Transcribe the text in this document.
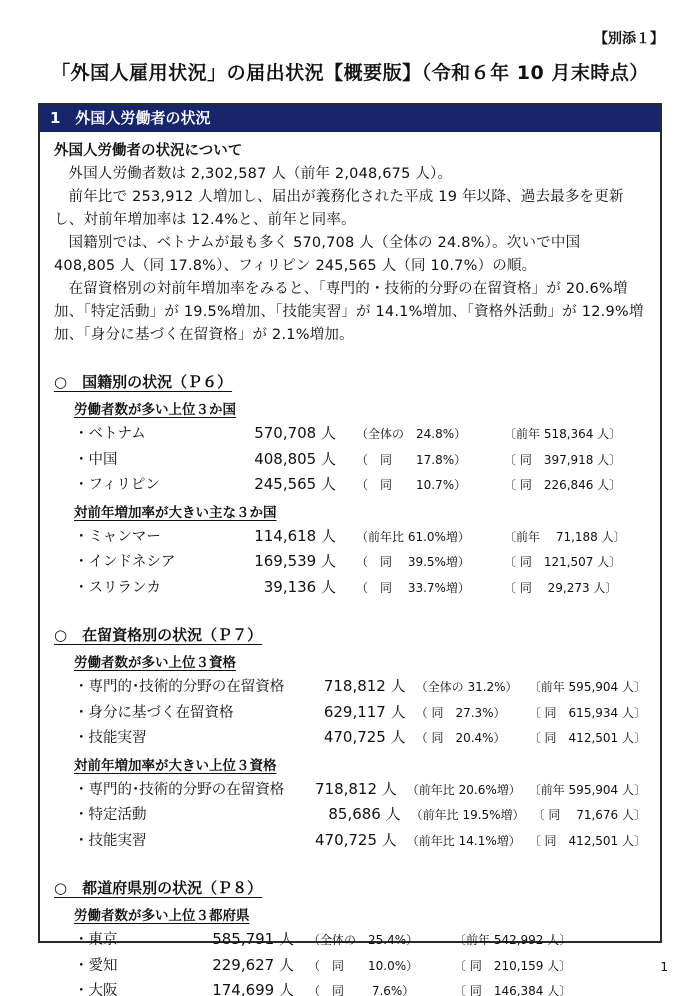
【別添１】
「外国人雇用状況」の届出状況【概要版】（令和６年 10 月末時点）
1　外国人労働者の状況
外国人労働者の状況について

外国人労働者数は 2,302,587 人（前年 2,048,675 人）。

前年比で 253,912 人増加し、届出が義務化された平成 19 年以降、過去最多を更新し、対前年増加率は 12.4%と、前年と同率。

国籍別では、ベトナムが最も多く 570,708 人（全体の 24.8%）。次いで中国 408,805 人（同 17.8%）、フィリピン 245,565 人（同 10.7%）の順。

在留資格別の対前年増加率をみると、「専門的・技術的分野の在留資格」が 20.6%増加、「特定活動」が 19.5%増加、「技能実習」が 14.1%増加、「資格外活動」が 12.9%増加、「身分に基づく在留資格」が 2.1%増加。

○　国籍別の状況（Ｐ６）
労働者数が多い上位３か国
・ベトナム	570,708 人 （全体の　24.8%）	〔前年 518,364 人〕
・中国	408,805 人 （　同　　17.8%）	〔 同　397,918 人〕
・フィリピン	245,565 人 （　同　　10.7%）	〔 同　226,846 人〕
対前年増加率が大きい主な３か国
・ミャンマー	114,618 人 （前年比 61.0%増）	〔前年　 71,188 人〕
・インドネシア	169,539 人 （　同　 39.5%増）	〔 同　121,507 人〕
・スリランカ	39,136 人 （　同　 33.7%増）	〔 同　 29,273 人〕
○　在留資格別の状況（Ｐ７）
労働者数が多い上位３資格
・専門的･技術的分野の在留資格	718,812 人 （全体の 31.2%） 〔前年 595,904 人〕
・身分に基づく在留資格	629,117 人 （ 同　27.3%）	〔 同　615,934 人〕
・技能実習	470,725 人 （ 同　20.4%）	〔 同　412,501 人〕
対前年増加率が大きい上位３資格
・専門的･技術的分野の在留資格	718,812 人 （前年比 20.6%増） 〔前年 595,904 人〕
・特定活動	85,686 人 （前年比 19.5%増） 〔 同　 71,676 人〕
・技能実習	470,725 人 （前年比 14.1%増） 〔 同　412,501 人〕
○　都道府県別の状況（Ｐ８）
労働者数が多い上位３都府県
・東京	585,791 人 （全体の　25.4%）	〔前年 542,992 人〕
・愛知	229,627 人 （　同　　10.0%）	〔 同　210,159 人〕
・大阪	174,699 人 （　同　　 7.6%）	〔 同　146,384 人〕
1
